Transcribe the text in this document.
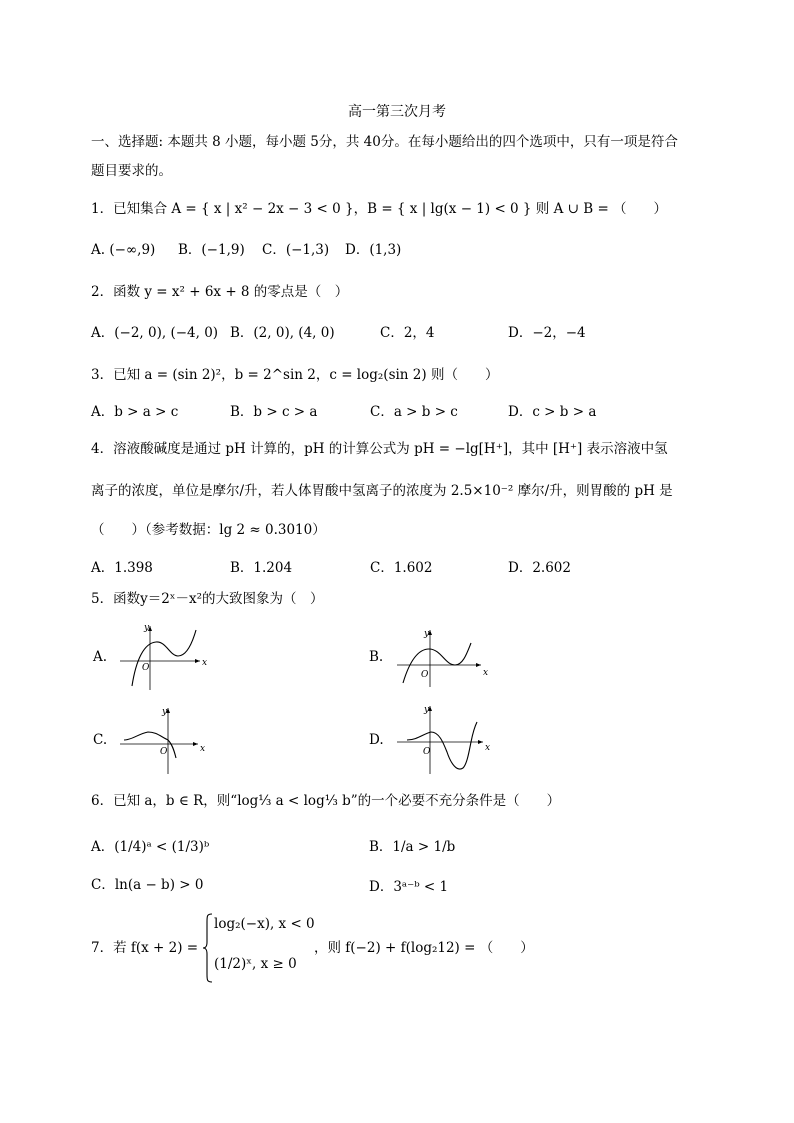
高一第三次月考
一、选择题: 本题共 8 小题，每小题 5分，共 40分。在每小题给出的四个选项中，只有一项是符合
题目要求的。
1．已知集合 A = { x | x² − 2x − 3 < 0 }，B = { x | lg(x − 1) < 0 } 则 A ∪ B = （　　）
A. (−∞,9) B．(−1,9) C．(−1,3) D．(1,3)
2．函数 y = x² + 6x + 8 的零点是（　）
A．(−2, 0), (−4, 0) B．(2, 0), (4, 0)	C．2，4	D．−2，−4
3．已知 a = (sin 2)²，b = 2^sin 2，c = log₂(sin 2) 则（　　）
A．b > a > c	B．b > c > a	C．a > b > c	D．c > b > a
4．溶液酸碱度是通过 pH 计算的，pH 的计算公式为 pH = −lg[H⁺]，其中 [H⁺] 表示溶液中氢
离子的浓度，单位是摩尔/升，若人体胃酸中氢离子的浓度为 2.5×10⁻² 摩尔/升，则胃酸的 pH 是
（　　）（参考数据：lg 2 ≈ 0.3010）
A．1.398	B．1.204	C．1.602	D．2.602
5．函数y＝2ˣ－x²的大致图象为（　）
A.	x
y
O
B.
x
y
O
C.
x
y
O
D.	x
y
O
6．已知 a，b ∈ R，则“log⅓ a < log⅓ b”的一个必要不充分条件是（　　）
A．(1/4)ᵃ < (1/3)ᵇ	B．1/a > 1/b
C．ln(a − b) > 0	D．3ᵃ⁻ᵇ < 1
7．若 f(x + 2) =
log₂(−x), x < 0
(1/2)ˣ, x ≥ 0
，则 f(−2) + f(log₂12) = （　　）
